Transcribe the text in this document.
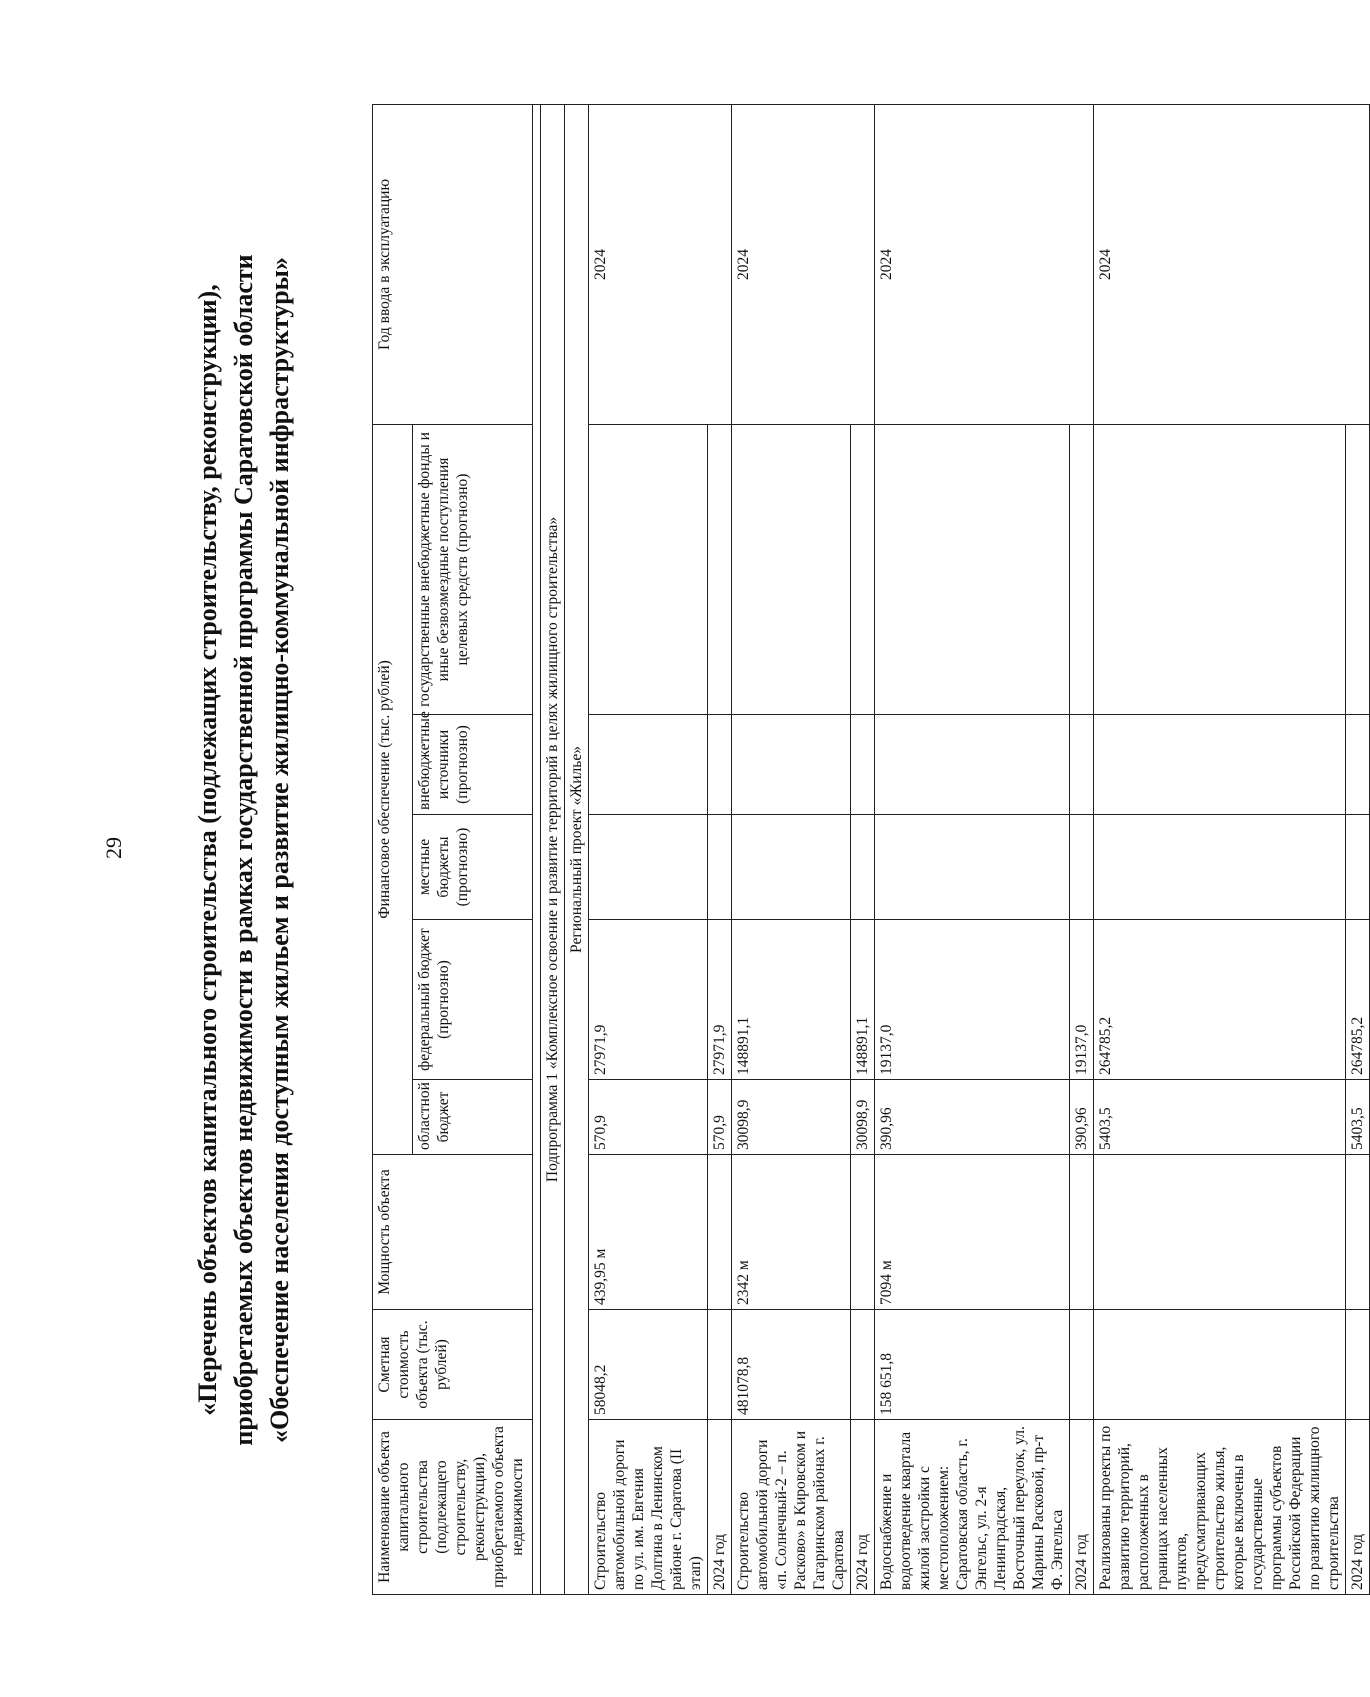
29	«Перечень объектов капитального строительства (подлежащих строительству, реконструкции), приобретаемых объектов недвижимости в рамках государственной программы Саратовской области «Обеспечение населения доступным жильем и развитие жилищно-коммунальной инфраструктуры»
Наименование объекта капитального строительства (подлежащего строительству, реконструкции), приобретаемого объекта недвижимости	Сметная стоимость объекта (тыс. рублей)	Мощность объекта	Финансовое обеспечение (тыс. рублей)					Год ввода в эксплуатацию
			областной бюджет	федеральный бюджет (прогнозно)	местные бюджеты (прогнозно)	внебюджетные источники (прогнозно)	государственные внебюджетные фонды и иные безвозмездные поступления целевых средств (прогнозно)	

Подпрограмма 1 «Комплексное освоение и развитие территорий в целях жилищного строительства»								
Региональный проект «Жилье»								
Строительство автомобильной дороги по ул. им. Евгения Долгина в Ленинском районе г. Саратова (II этап)	58048,2	439,95 м	570,9	27971,9				2024
2024 год			570,9	27971,9				
Строительство автомобильной дороги «п. Солнечный-2 – п. Расково» в Кировском и Гагаринском районах г. Саратова	481078,8	2342 м	30098,9	148891,1				2024
2024 год			30098,9	148891,1				
Водоснабжение и водоотведение квартала жилой застройки с местоположением: Саратовская область, г. Энгельс, ул. 2-я Ленинградская, Восточный переулок, ул. Марины Расковой, пр-т Ф. Энгельса	158 651,8	7094 м	390,96	19137,0				2024
2024 год			390,96	19137,0				
Реализованы проекты по развитию территорий, расположенных в границах населенных пунктов, предусматривающих строительство жилья, которые включены в государственные программы субъектов Российской Федерации по развитию жилищного строительства			5403,5	264785,2				2024
2024 год			5403,5	264785,2				
